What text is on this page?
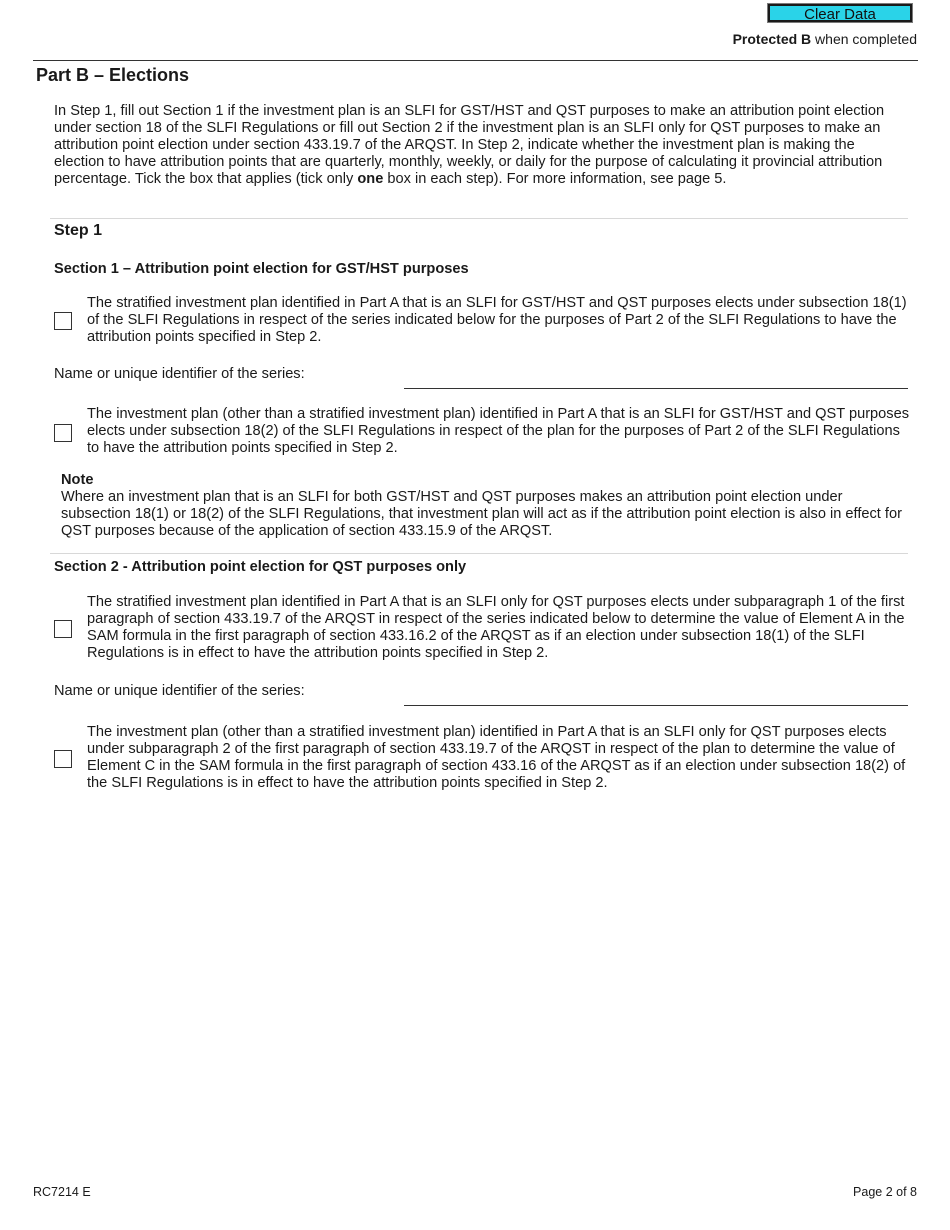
Clear Data
Protected B when completed
Part B – Elections
In Step 1, fill out Section 1 if the investment plan is an SLFI for GST/HST and QST purposes to make an attribution point election under section 18 of the SLFI Regulations or fill out Section 2 if the investment plan is an SLFI only for QST purposes to make an attribution point election under section 433.19.7 of the ARQST. In Step 2, indicate whether the investment plan is making the election to have attribution points that are quarterly, monthly, weekly, or daily for the purpose of calculating it provincial attribution percentage. Tick the box that applies (tick only one box in each step). For more information, see page 5.
Step 1
Section 1 – Attribution point election for GST/HST purposes
The stratified investment plan identified in Part A that is an SLFI for GST/HST and QST purposes elects under subsection 18(1) of the SLFI Regulations in respect of the series indicated below for the purposes of Part 2 of the SLFI Regulations to have the attribution points specified in Step 2.
Name or unique identifier of the series:
The investment plan (other than a stratified investment plan) identified in Part A that is an SLFI for GST/HST and QST purposes elects under subsection 18(2) of the SLFI Regulations in respect of the plan for the purposes of Part 2 of the SLFI Regulations to have the attribution points specified in Step 2.
Note
Where an investment plan that is an SLFI for both GST/HST and QST purposes makes an attribution point election under subsection 18(1) or 18(2) of the SLFI Regulations, that investment plan will act as if the attribution point election is also in effect for QST purposes because of the application of section 433.15.9 of the ARQST.
Section 2 - Attribution point election for QST purposes only
The stratified investment plan identified in Part A that is an SLFI only for QST purposes elects under subparagraph 1 of the first paragraph of section 433.19.7 of the ARQST in respect of the series indicated below to determine the value of Element A in the SAM formula in the first paragraph of section 433.16.2 of the ARQST as if an election under subsection 18(1) of the SLFI Regulations is in effect to have the attribution points specified in Step 2.
Name or unique identifier of the series:
The investment plan (other than a stratified investment plan) identified in Part A that is an SLFI only for QST purposes elects under subparagraph 2 of the first paragraph of section 433.19.7 of the ARQST in respect of the plan to determine the value of Element C in the SAM formula in the first paragraph of section 433.16 of the ARQST as if an election under subsection 18(2) of the SLFI Regulations is in effect to have the attribution points specified in Step 2.
RC7214 E	Page 2 of 8
